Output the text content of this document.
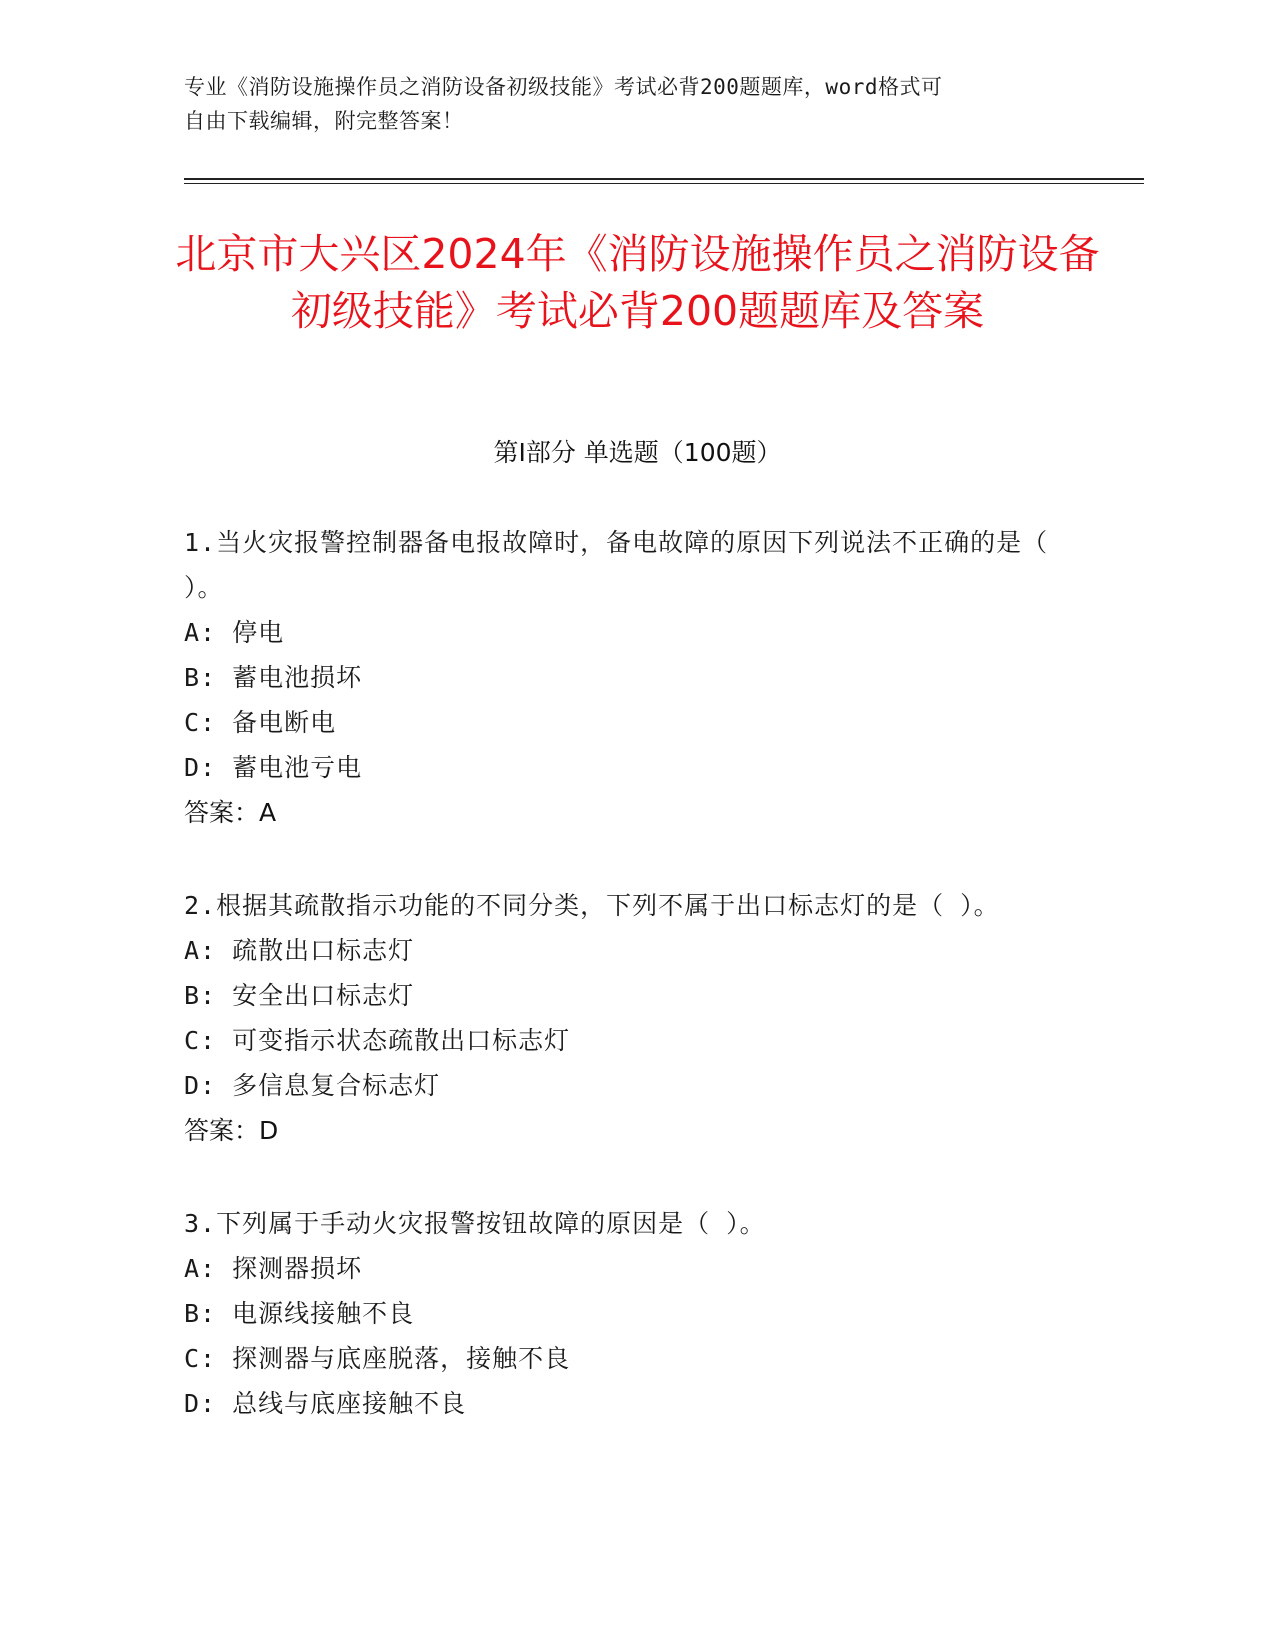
专业《消防设施操作员之消防设备初级技能》考试必背200题题库，word格式可
自由下载编辑，附完整答案！
北京市大兴区2024年《消防设施操作员之消防设备初级技能》考试必背200题题库及答案
第I部分 单选题（100题）
1.当火灾报警控制器备电报故障时，备电故障的原因下列说法不正确的是（ ）。
A: 停电
B: 蓄电池损坏
C: 备电断电
D: 蓄电池亏电
答案：A
2.根据其疏散指示功能的不同分类，下列不属于出口标志灯的是（ ）。
A: 疏散出口标志灯
B: 安全出口标志灯
C: 可变指示状态疏散出口标志灯
D: 多信息复合标志灯
答案：D
3.下列属于手动火灾报警按钮故障的原因是（ ）。
A: 探测器损坏
B: 电源线接触不良
C: 探测器与底座脱落，接触不良
D: 总线与底座接触不良
